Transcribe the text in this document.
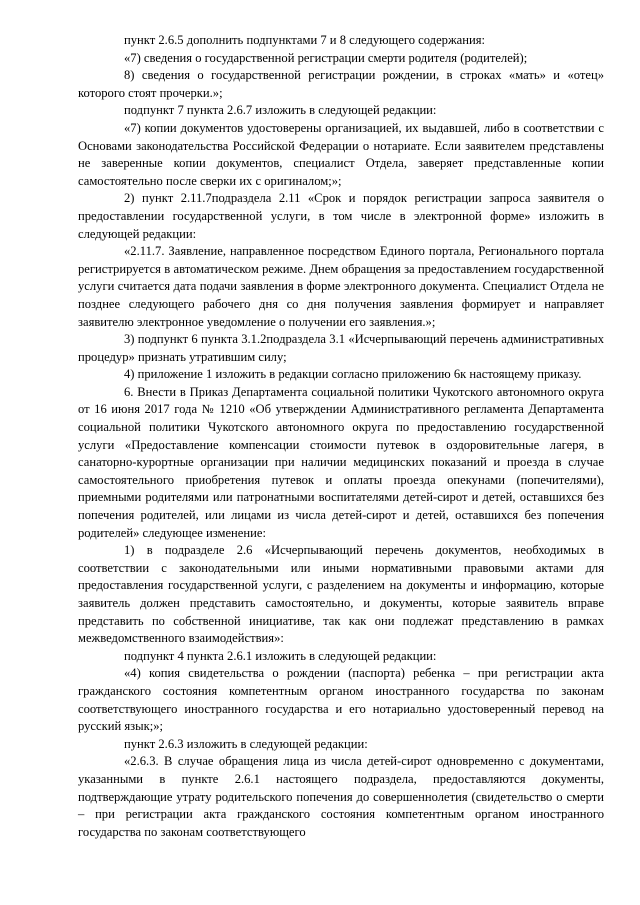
пункт 2.6.5 дополнить подпунктами 7 и 8 следующего содержания:

«7) сведения о государственной регистрации смерти родителя (родителей);

8) сведения о государственной регистрации рождении, в строках «мать» и «отец» которого стоят прочерки.»;

подпункт 7 пункта 2.6.7 изложить в следующей редакции:

«7) копии документов удостоверены организацией, их выдавшей, либо в соответствии с Основами законодательства Российской Федерации о нотариате. Если заявителем представлены не заверенные копии документов, специалист Отдела, заверяет представленные копии самостоятельно после сверки их с оригиналом;»;

2) пункт 2.11.7подраздела 2.11 «Срок и порядок регистрации запроса заявителя о предоставлении государственной услуги, в том числе в электронной форме» изложить в следующей редакции:

«2.11.7. Заявление, направленное посредством Единого портала, Регионального портала регистрируется в автоматическом режиме. Днем обращения за предоставлением государственной услуги считается дата подачи заявления в форме электронного документа. Специалист Отдела не позднее следующего рабочего дня со дня получения заявления формирует и направляет заявителю электронное уведомление о получении его заявления.»;

3) подпункт 6 пункта 3.1.2подраздела 3.1 «Исчерпывающий перечень административных процедур» признать утратившим силу;

4) приложение 1 изложить в редакции согласно приложению 6к настоящему приказу.

6. Внести в Приказ Департамента социальной политики Чукотского автономного округа от 16 июня 2017 года № 1210 «Об утверждении Административного регламента Департамента социальной политики Чукотского автономного округа по предоставлению государственной услуги «Предоставление компенсации стоимости путевок в оздоровительные лагеря, в санаторно-курортные организации при наличии медицинских показаний и проезда в случае самостоятельного приобретения путевок и оплаты проезда опекунами (попечителями), приемными родителями или патронатными воспитателями детей-сирот и детей, оставшихся без попечения родителей, или лицами из числа детей-сирот и детей, оставшихся без попечения родителей» следующее изменение:

1) в подразделе 2.6 «Исчерпывающий перечень документов, необходимых в соответствии с законодательными или иными нормативными правовыми актами для предоставления государственной услуги, с разделением на документы и информацию, которые заявитель должен представить самостоятельно, и документы, которые заявитель вправе представить по собственной инициативе, так как они подлежат представлению в рамках межведомственного взаимодействия»:

подпункт 4 пункта 2.6.1 изложить в следующей редакции:

«4) копия свидетельства о рождении (паспорта) ребенка – при регистрации акта гражданского состояния компетентным органом иностранного государства по законам соответствующего иностранного государства и его нотариально удостоверенный перевод на русский язык;»;

пункт 2.6.3 изложить в следующей редакции:

«2.6.3. В случае обращения лица из числа детей-сирот одновременно с документами, указанными в пункте 2.6.1 настоящего подраздела, предоставляются документы, подтверждающие утрату родительского попечения до совершеннолетия (свидетельство о смерти – при регистрации акта гражданского состояния компетентным органом иностранного государства по законам соответствующего
